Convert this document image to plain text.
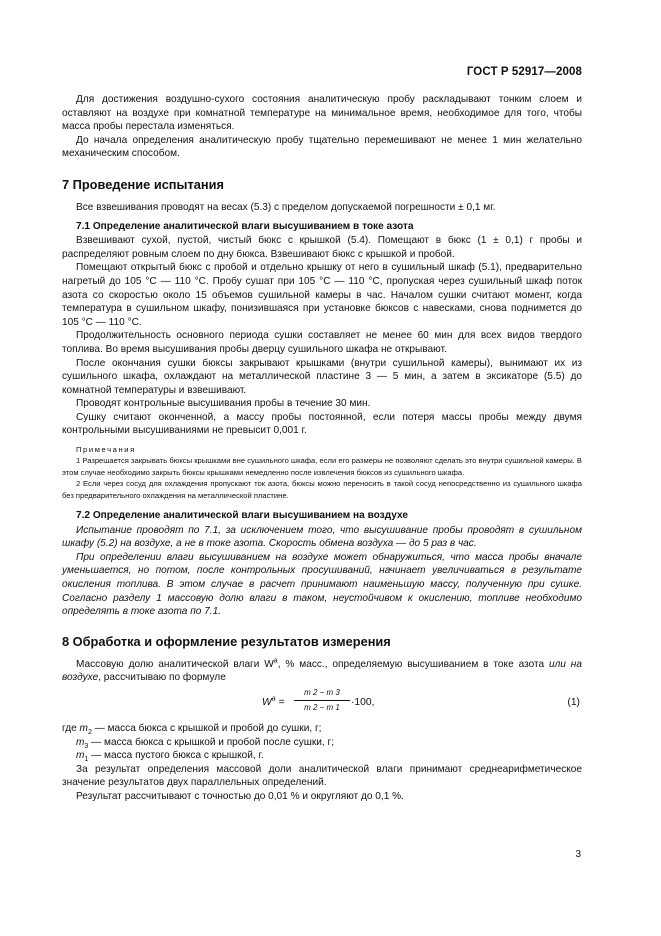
ГОСТ Р 52917—2008

Для достижения воздушно-сухого состояния аналитическую пробу раскладывают тонким слоем и оставляют на воздухе при комнатной температуре на минимальное время, необходимое для того, чтобы масса пробы перестала изменяться.

До начала определения аналитическую пробу тщательно перемешивают не менее 1 мин желательно механическим способом.

7 Проведение испытания

Все взвешивания проводят на весах (5.3) с пределом допускаемой погрешности ± 0,1 мг.

7.1 Определение аналитической влаги высушиванием в токе азота

Взвешивают сухой, пустой, чистый бюкс с крышкой (5.4). Помещают в бюкс (1 ± 0,1) г пробы и распределяют ровным слоем по дну бюкса. Взвешивают бюкс с крышкой и пробой.

Помещают открытый бюкс с пробой и отдельно крышку от него в сушильный шкаф (5.1), предварительно нагретый до 105 °C — 110 °C. Пробу сушат при 105 °C — 110 °C, пропуская через сушильный шкаф поток азота со скоростью около 15 объемов сушильной камеры в час. Началом сушки считают момент, когда температура в сушильном шкафу, понизившаяся при установке бюксов с навесками, снова поднимется до 105 °C — 110 °C.

Продолжительность основного периода сушки составляет не менее 60 мин для всех видов твердого топлива. Во время высушивания пробы дверцу сушильного шкафа не открывают.

После окончания сушки бюксы закрывают крышками (внутри сушильной камеры), вынимают их из сушильного шкафа, охлаждают на металлической пластине 3 — 5 мин, а затем в эксикаторе (5.5) до комнатной температуры и взвешивают.

Проводят контрольные высушивания пробы в течение 30 мин.

Сушку считают оконченной, а массу пробы постоянной, если потеря массы пробы между двумя контрольными высушиваниями не превысит 0,001 г.

Примечания

1 Разрешается закрывать бюксы крышками вне сушильного шкафа, если его размеры не позволяют сделать это внутри сушильной камеры. В этом случае необходимо закрыть бюксы крышками немедленно после извлечения бюксов из сушильного шкафа.

2 Если через сосуд для охлаждения пропускают ток азота, бюксы можно переносить в такой сосуд непосредственно из сушильного шкафа без предварительного охлаждения на металлической пластине.

7.2 Определение аналитической влаги высушиванием на воздухе

Испытание проводят по 7.1, за исключением того, что высушивание пробы проводят в сушильном шкафу (5.2) на воздухе, а не в токе азота. Скорость обмена воздуха — до 5 раз в час.

При определении влаги высушиванием на воздухе может обнаружиться, что масса пробы вначале уменьшается, но потом, после контрольных просушиваний, начинает увеличиваться в результате окисления топлива. В этом случае в расчет принимают наименьшую массу, полученную при сушке. Согласно разделу 1 массовую долю влаги в таком, неустойчивом к окислению, топливе необходимо определять в токе азота по 7.1.

8 Обработка и оформление результатов измерения

Массовую долю аналитической влаги $W^a$, % масс., определяемую высушиванием в токе азота или на воздухе, рассчитываю по формуле

$W^a$ =
m 2 − m 3
m 2 − m 1	·100,	(1)

где $m_2$ — масса бюкса с крышкой и пробой до сушки, г;

$m_3$ — масса бюкса с крышкой и пробой после сушки, г;

$m_1$ — масса пустого бюкса с крышкой, г.

За результат определения массовой доли аналитической влаги принимают среднеарифметическое значение результатов двух параллельных определений.

Результат рассчитывают с точностью до 0,01 % и округляют до 0,1 %.

3
